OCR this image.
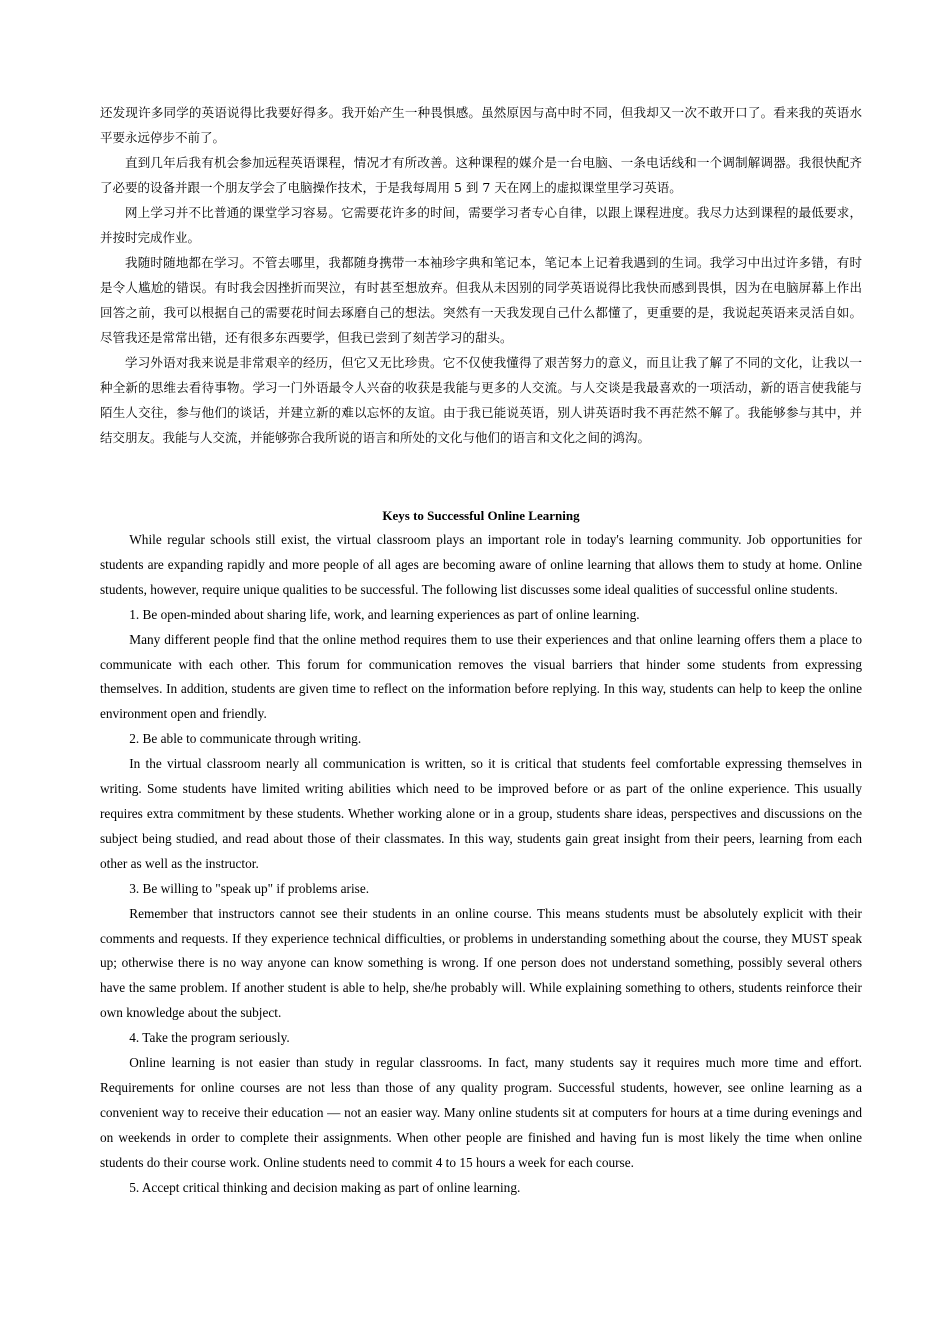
还发现许多同学的英语说得比我要好得多。我开始产生一种畏惧感。虽然原因与高中时不同，但我却又一次不敢开口了。看来我的英语水平要永远停步不前了。

直到几年后我有机会参加远程英语课程，情况才有所改善。这种课程的媒介是一台电脑、一条电话线和一个调制解调器。我很快配齐了必要的设备并跟一个朋友学会了电脑操作技术，于是我每周用 5 到 7 天在网上的虚拟课堂里学习英语。

网上学习并不比普通的课堂学习容易。它需要花许多的时间，需要学习者专心自律，以跟上课程进度。我尽力达到课程的最低要求，并按时完成作业。

我随时随地都在学习。不管去哪里，我都随身携带一本袖珍字典和笔记本，笔记本上记着我遇到的生词。我学习中出过许多错，有时是令人尴尬的错误。有时我会因挫折而哭泣，有时甚至想放弃。但我从未因别的同学英语说得比我快而感到畏惧，因为在电脑屏幕上作出回答之前，我可以根据自己的需要花时间去琢磨自己的想法。突然有一天我发现自己什么都懂了，更重要的是，我说起英语来灵活自如。尽管我还是常常出错，还有很多东西要学，但我已尝到了刻苦学习的甜头。

学习外语对我来说是非常艰辛的经历，但它又无比珍贵。它不仅使我懂得了艰苦努力的意义，而且让我了解了不同的文化，让我以一种全新的思维去看待事物。学习一门外语最令人兴奋的收获是我能与更多的人交流。与人交谈是我最喜欢的一项活动，新的语言使我能与陌生人交往，参与他们的谈话，并建立新的难以忘怀的友谊。由于我已能说英语，别人讲英语时我不再茫然不解了。我能够参与其中，并结交朋友。我能与人交流，并能够弥合我所说的语言和所处的文化与他们的语言和文化之间的鸿沟。

Keys to Successful Online Learning

While regular schools still exist, the virtual classroom plays an important role in today's learning community. Job opportunities for students are expanding rapidly and more people of all ages are becoming aware of online learning that allows them to study at home. Online students, however, require unique qualities to be successful. The following list discusses some ideal qualities of successful online students.

1. Be open-minded about sharing life, work, and learning experiences as part of online learning.

Many different people find that the online method requires them to use their experiences and that online learning offers them a place to communicate with each other. This forum for communication removes the visual barriers that hinder some students from expressing themselves. In addition, students are given time to reflect on the information before replying. In this way, students can help to keep the online environment open and friendly.

2. Be able to communicate through writing.

In the virtual classroom nearly all communication is written, so it is critical that students feel comfortable expressing themselves in writing. Some students have limited writing abilities which need to be improved before or as part of the online experience. This usually requires extra commitment by these students. Whether working alone or in a group, students share ideas, perspectives and discussions on the subject being studied, and read about those of their classmates. In this way, students gain great insight from their peers, learning from each other as well as the instructor.

3. Be willing to "speak up" if problems arise.

Remember that instructors cannot see their students in an online course. This means students must be absolutely explicit with their comments and requests. If they experience technical difficulties, or problems in understanding something about the course, they MUST speak up; otherwise there is no way anyone can know something is wrong. If one person does not understand something, possibly several others have the same problem. If another student is able to help, she/he probably will. While explaining something to others, students reinforce their own knowledge about the subject.

4. Take the program seriously.

Online learning is not easier than study in regular classrooms. In fact, many students say it requires much more time and effort. Requirements for online courses are not less than those of any quality program. Successful students, however, see online learning as a convenient way to receive their education — not an easier way. Many online students sit at computers for hours at a time during evenings and on weekends in order to complete their assignments. When other people are finished and having fun is most likely the time when online students do their course work. Online students need to commit 4 to 15 hours a week for each course.

5. Accept critical thinking and decision making as part of online learning.
